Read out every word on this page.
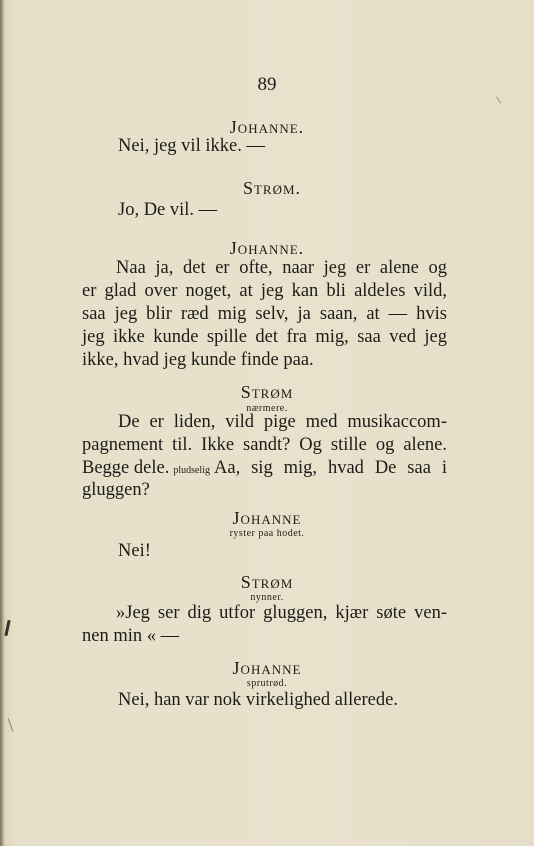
89
Johanne.
Nei, jeg vil ikke. —
Strøm.
Jo, De vil. —
Johanne.
Naa ja, det er ofte, naar jeg er alene og
er glad over noget, at jeg kan bli aldeles vild,
saa jeg blir ræd mig selv, ja saan, at — hvis
jeg ikke kunde spille det fra mig, saa ved jeg
ikke, hvad jeg kunde finde paa.
Strøm
nærmere.
De er liden, vild pige med musikaccom-
pagnement til. Ikke sandt? Og stille og alene.
Begge dele. pludselig Aa, sig mig, hvad De saa i
gluggen?
Johanne
ryster paa hodet.
Nei!
Strøm
nynner.
»Jeg ser dig utfor gluggen, kjær søte ven-
nen min « —
Johanne
sprutrød.
Nei, han var nok virkelighed allerede.
